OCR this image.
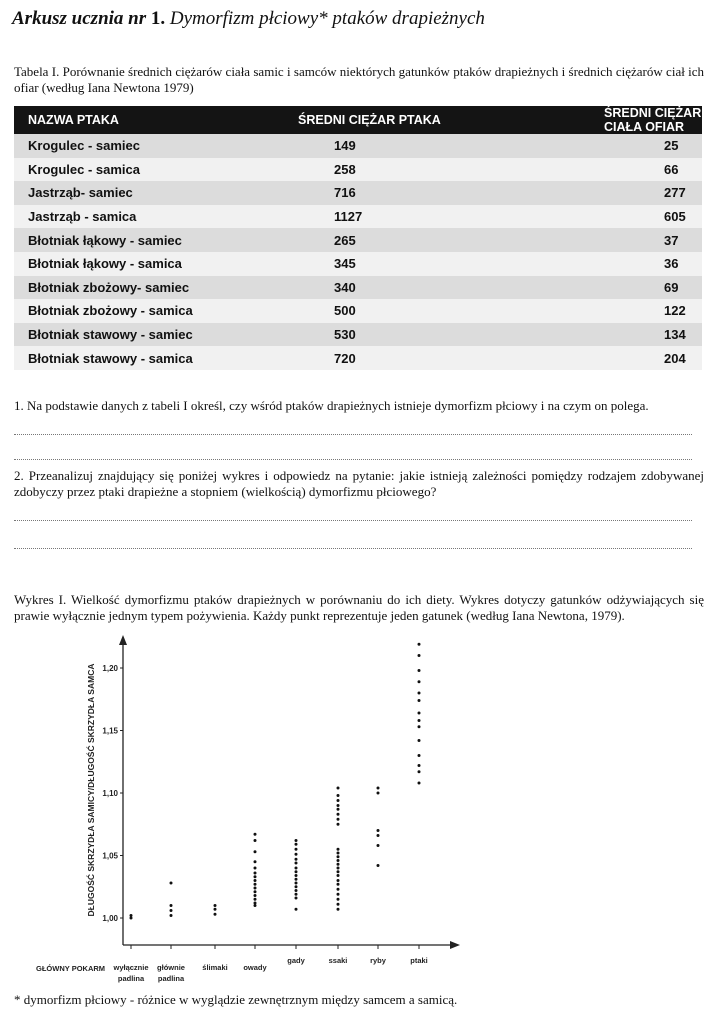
Arkusz ucznia nr 1. Dymorfizm płciowy* ptaków drapieżnych
Tabela I. Porównanie średnich ciężarów ciała samic i samców niektórych gatunków ptaków drapieżnych i średnich ciężarów ciał ich ofiar (według Iana Newtona 1979)
NAZWA PTAKA	ŚREDNI CIĘŻAR PTAKA	ŚREDNI CIĘŻAR CIAŁA OFIAR
Krogulec - samiec	149	25
Krogulec - samica	258	66
Jastrząb- samiec	716	277
Jastrząb - samica	1127	605
Błotniak łąkowy - samiec	265	37
Błotniak łąkowy - samica	345	36
Błotniak zbożowy- samiec	340	69
Błotniak zbożowy - samica	500	122
Błotniak stawowy - samiec	530	134
Błotniak stawowy - samica	720	204
1. Na podstawie danych z tabeli I określ, czy wśród ptaków drapieżnych istnieje dymorfizm płciowy i na czym on polega.
2. Przeanalizuj znajdujący się poniżej wykres i odpowiedz na pytanie: jakie istnieją zależności pomiędzy rodzajem zdobywanej zdobyczy przez ptaki drapieżne a stopniem (wielkością) dymorfizmu płciowego?
Wykres I. Wielkość dymorfizmu ptaków drapieżnych w porównaniu do ich diety. Wykres dotyczy gatunków odżywiających się prawie wyłącznie jednym typem pożywienia. Każdy punkt reprezentuje jeden gatunek (według Iana Newtona, 1979).
1,00
1,05
1,10
1,15
1,20
DŁUGOŚĆ SKRZYDŁA SAMICY/DŁUGOŚĆ SKRZYDŁA SAMCA
GŁÓWNY POKARM wyłącznie
padlina
głównie
padlina
ślimaki owady
gady	ssaki	ryby	ptaki
* dymorfizm płciowy - różnice w wyglądzie zewnętrznym między samcem a samicą.
